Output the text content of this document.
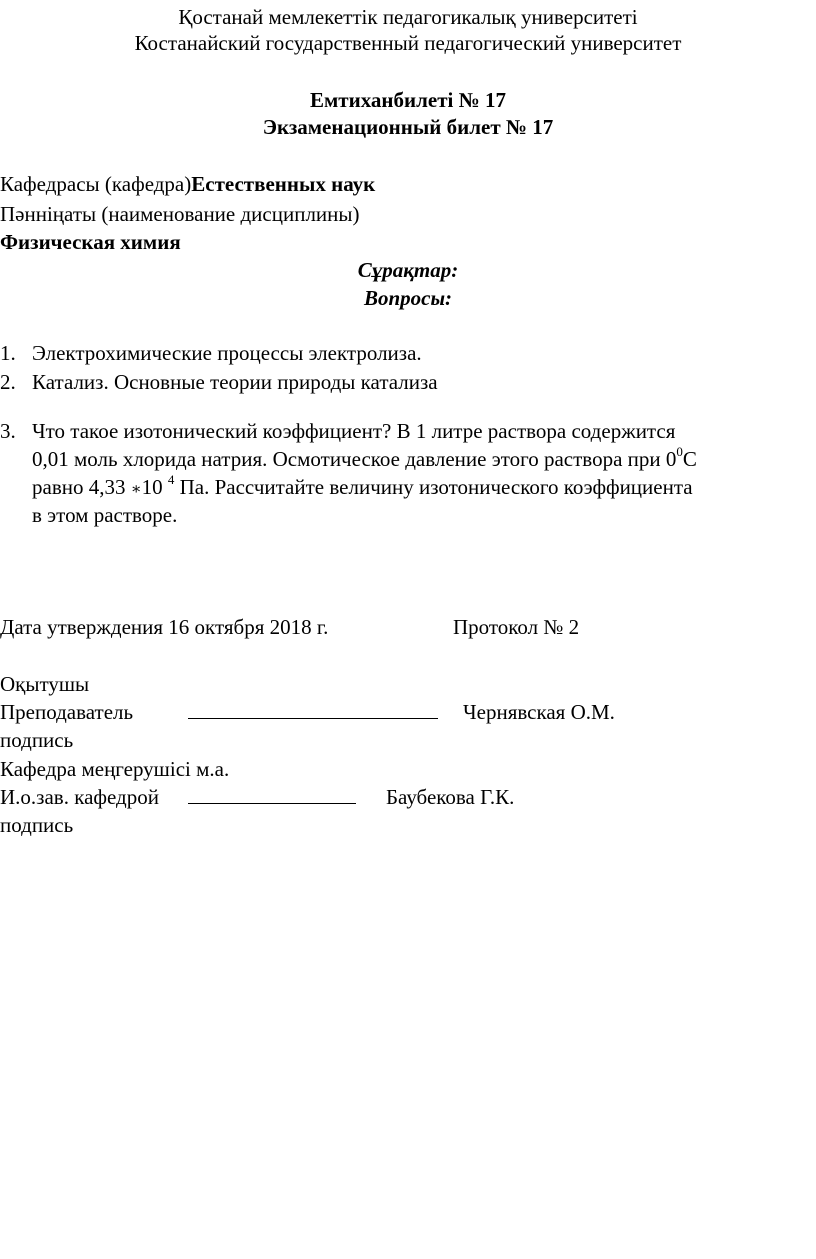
Қостанай мемлекеттік педагогикалық университеті
Костанайский государственный педагогический университет
Емтиханбилеті № 17
Экзаменационный билет № 17
Кафедрасы (кафедра)Естественных наук
Пәнніңаты (наименование дисциплины)
Физическая химия
Сұрақтар:
Вопросы:
1. Электрохимические процессы электролиза.
2. Катализ. Основные теории природы катализа
3. Что такое изотонический коэффициент? В 1 литре раствора содержится
0,01 моль хлорида натрия. Осмотическое давление этого раствора при $0^0С$
равно 4,33 ∗10 $^4$ Па. Рассчитайте величину изотонического коэффициента
в этом растворе.
Дата утверждения 16 октября 2018 г.	Протокол № 2
Оқытушы
Преподаватель	Чернявская О.М.
подпись
Кафедра меңгерушісі м.а.
И.о.зав. кафедрой	Баубекова Г.К.
подпись
